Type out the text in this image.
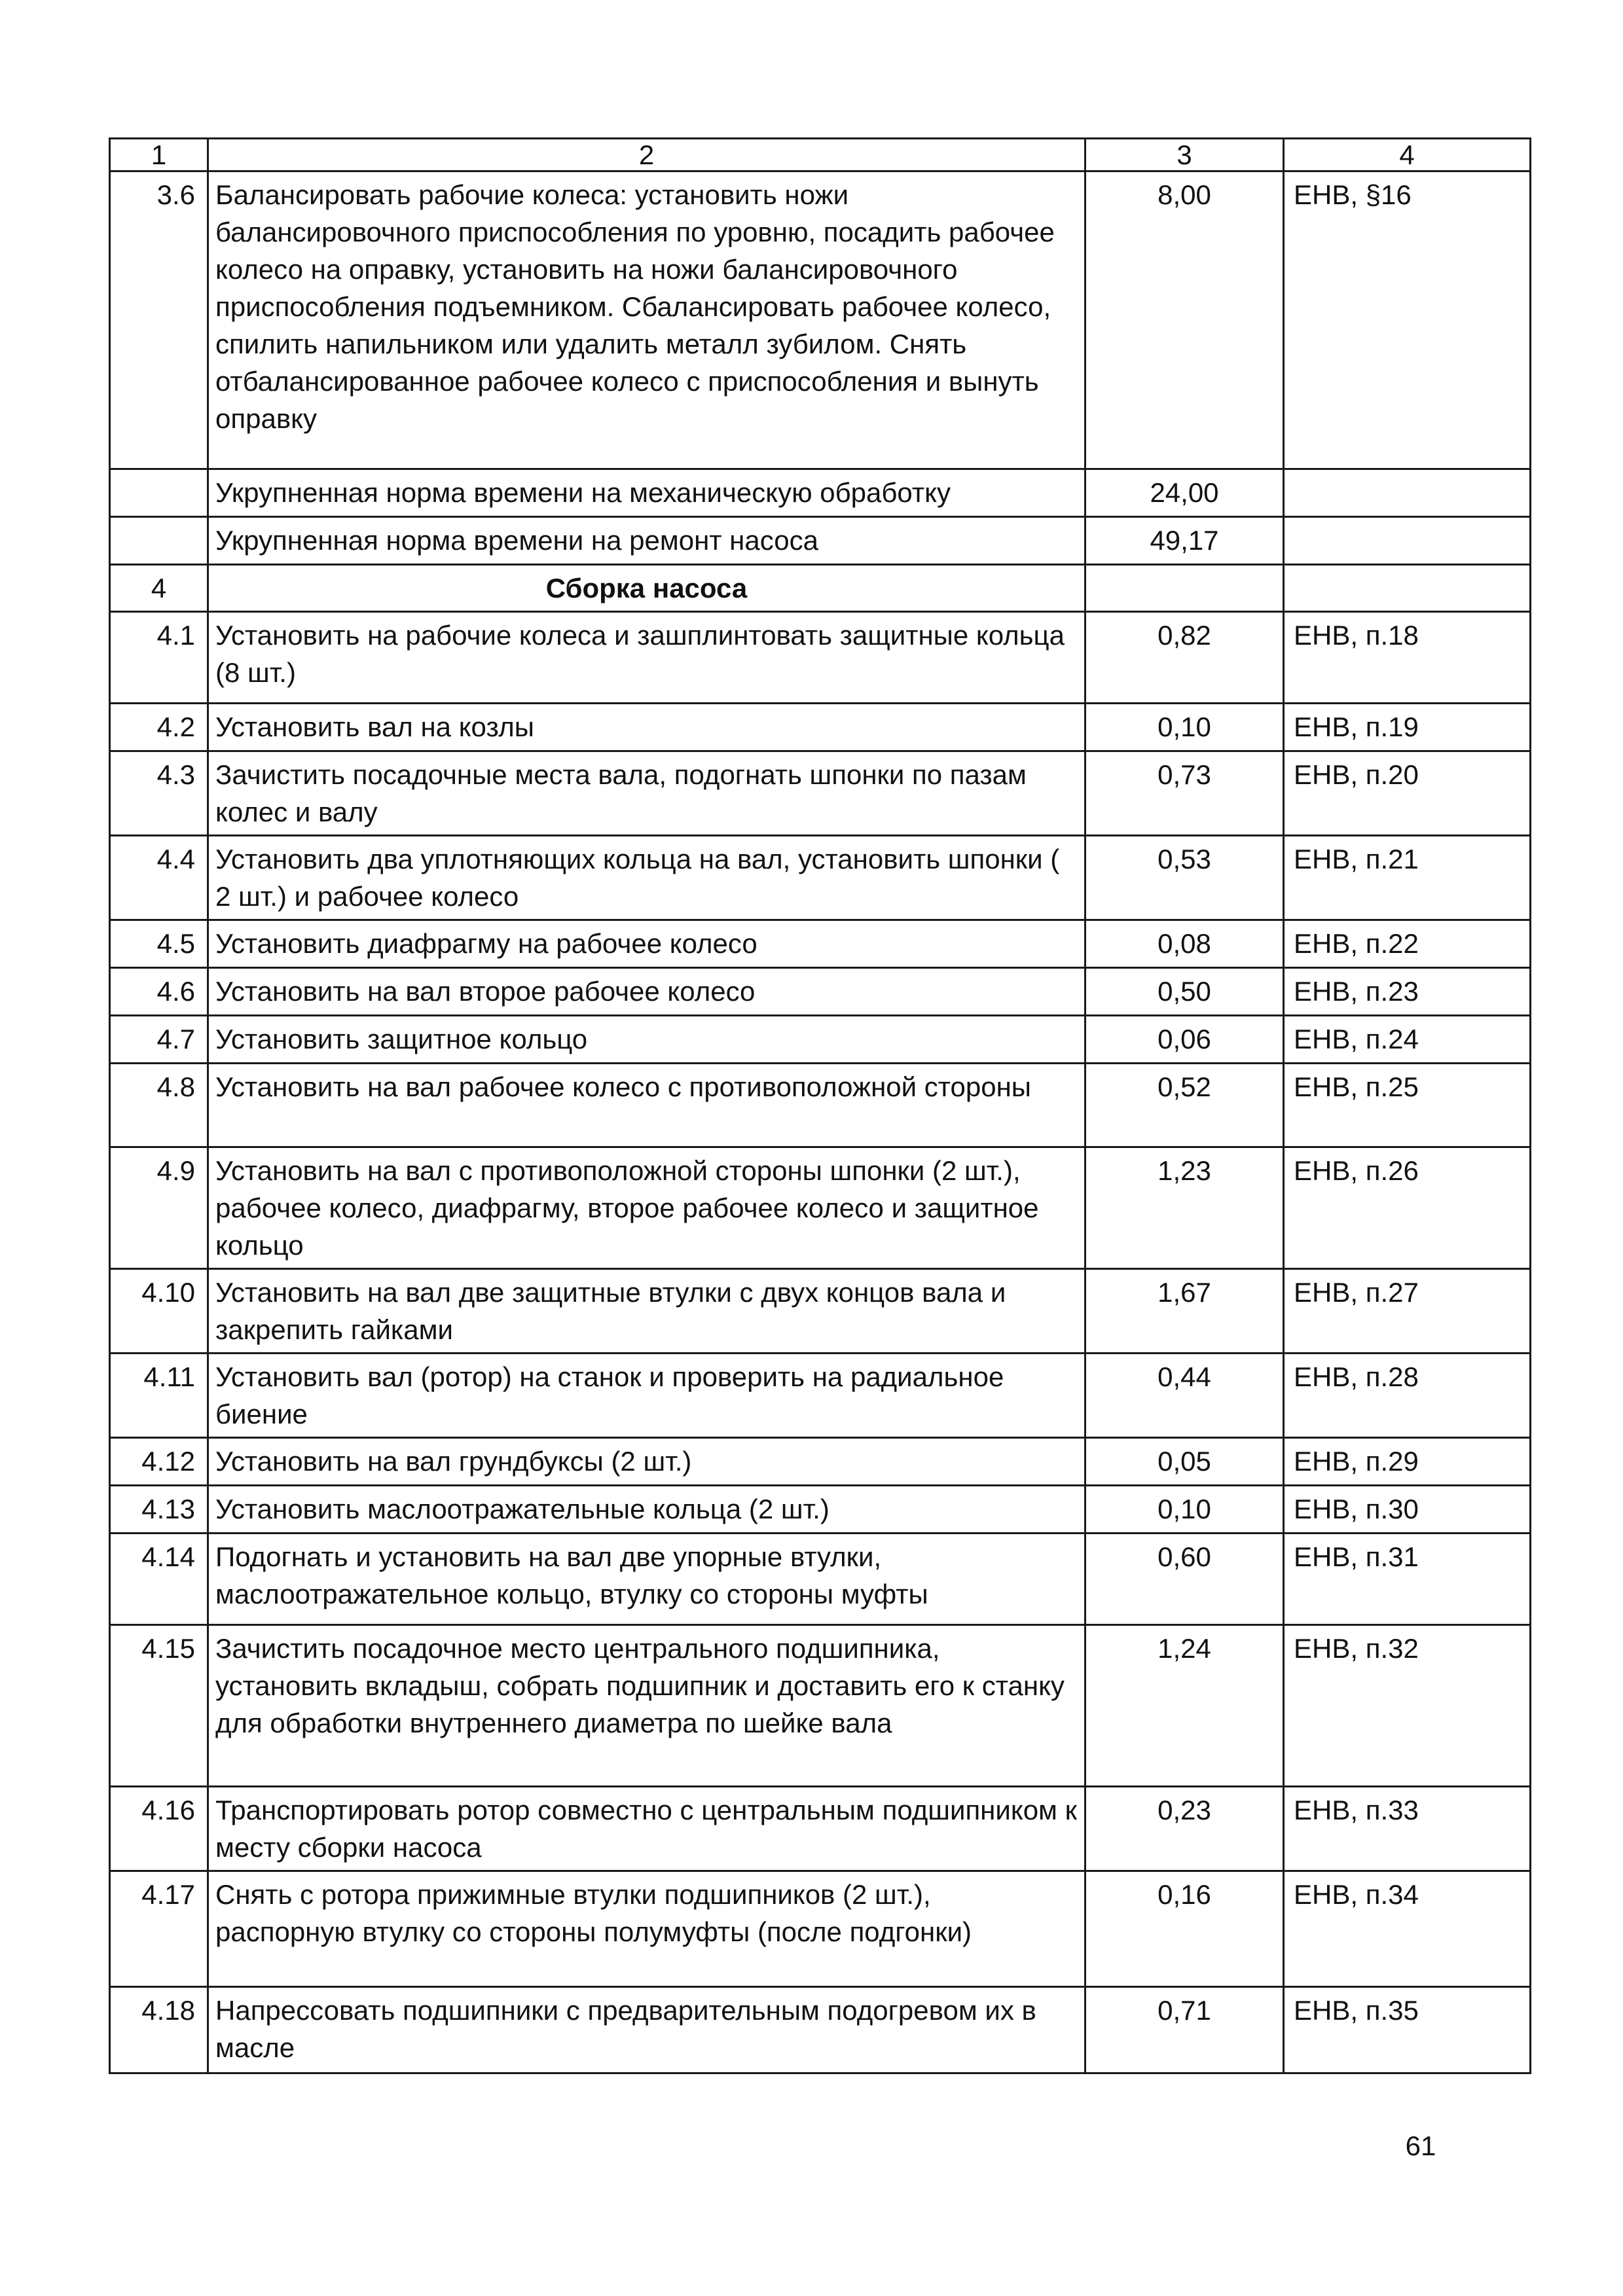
1	2	3	4
3.6	Балансировать рабочие колеса: установить ножи балансировочного приспособления по уровню, посадить рабочее колесо на оправку, установить на ножи балансировочного приспособления подъемником. Сбалансировать рабочее колесо, спилить напильником или удалить металл зубилом. Снять отбалансированное рабочее колесо с приспособления и вынуть оправку	8,00	ЕНВ, §16
	Укрупненная норма времени на механическую обработку	24,00	
	Укрупненная норма времени на ремонт насоса	49,17	
4	Сборка насоса		
4.1	Установить на рабочие колеса и зашплинтовать защитные кольца (8 шт.)	0,82	ЕНВ, п.18
4.2	Установить вал на козлы	0,10	ЕНВ, п.19
4.3	Зачистить посадочные места вала, подогнать шпонки по пазам колес и валу	0,73	ЕНВ, п.20
4.4	Установить два уплотняющих кольца на вал, установить шпонки ( 2 шт.) и рабочее колесо	0,53	ЕНВ, п.21
4.5	Установить диафрагму на рабочее колесо	0,08	ЕНВ, п.22
4.6	Установить на вал второе рабочее колесо	0,50	ЕНВ, п.23
4.7	Установить защитное кольцо	0,06	ЕНВ, п.24
4.8	Установить на вал рабочее колесо с противоположной стороны	0,52	ЕНВ, п.25
4.9	Установить на вал с противоположной стороны шпонки (2 шт.), рабочее колесо, диафрагму, второе рабочее колесо и защитное кольцо	1,23	ЕНВ, п.26
4.10	Установить на вал две защитные втулки с двух концов вала и закрепить гайками	1,67	ЕНВ, п.27
4.11	Установить вал (ротор) на станок и проверить на радиальное биение	0,44	ЕНВ, п.28
4.12	Установить на вал грундбуксы (2 шт.)	0,05	ЕНВ, п.29
4.13	Установить маслоотражательные кольца (2 шт.)	0,10	ЕНВ, п.30
4.14	Подогнать и установить на вал две упорные втулки, маслоотражательное кольцо, втулку со стороны муфты	0,60	ЕНВ, п.31
4.15	Зачистить посадочное место центрального подшипника, установить вкладыш, собрать подшипник и доставить его к станку для обработки внутреннего диаметра по шейке вала	1,24	ЕНВ, п.32
4.16	Транспортировать ротор совместно с центральным подшипником к месту сборки насоса	0,23	ЕНВ, п.33
4.17	Снять с ротора прижимные втулки подшипников (2 шт.), распорную втулку со стороны полумуфты (после подгонки)	0,16	ЕНВ, п.34
4.18	Напрессовать подшипники с предварительным подогревом их в масле	0,71	ЕНВ, п.35
61
